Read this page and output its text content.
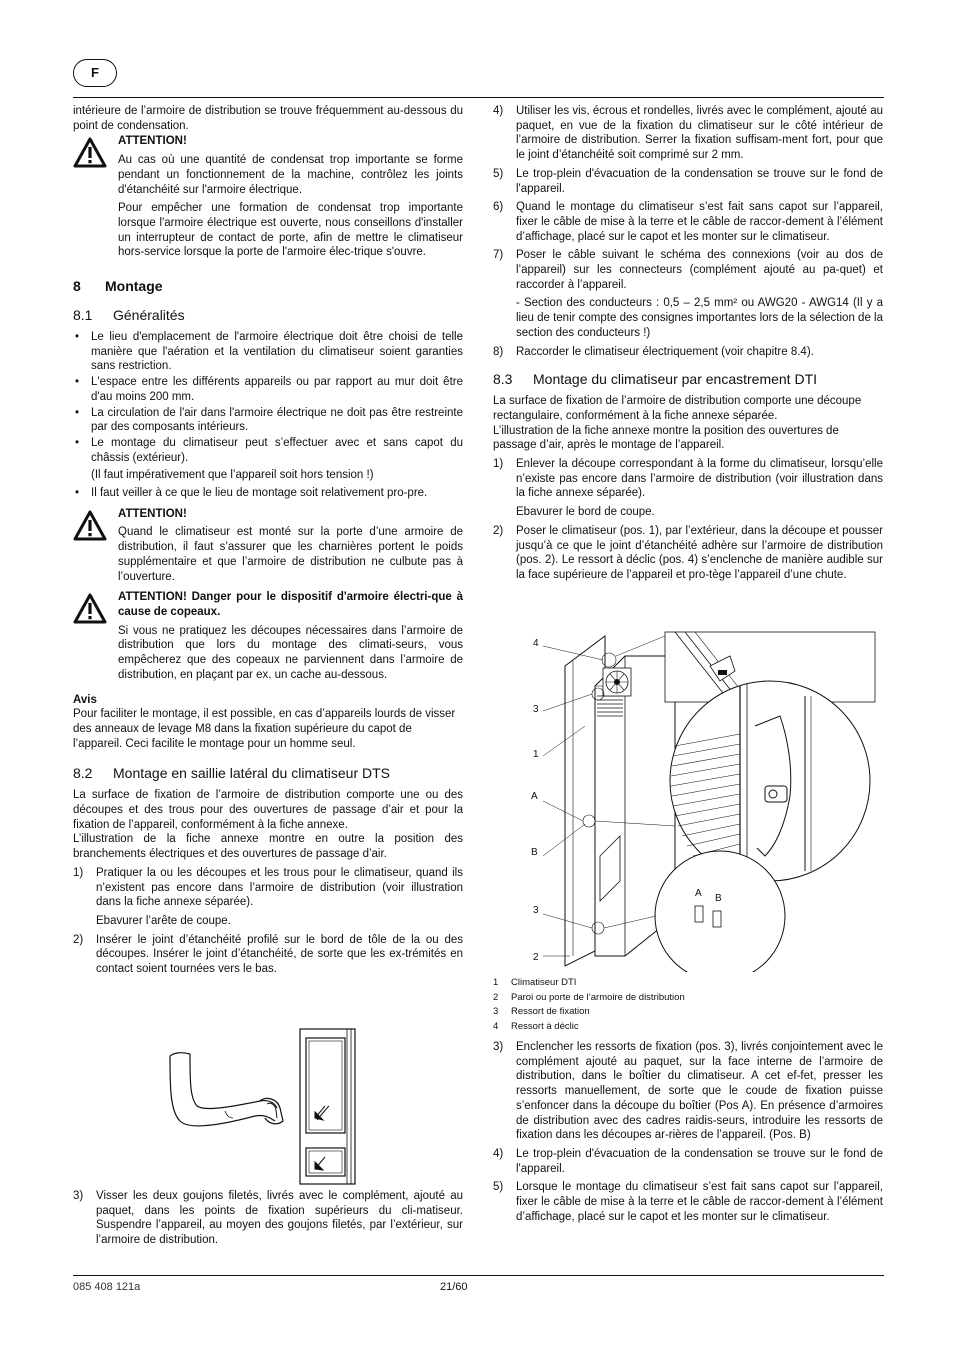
F

intérieure de l’armoire de distribution se trouve fréquemment au-dessous du point de condensation.

ATTENTION!

Au cas où une quantité de condensat trop importante se forme pendant un fonctionnement de la machine, contrôlez les joints d'étanchéité sur l'armoire électrique.

Pour empêcher une formation de condensat trop importante lorsque l'armoire électrique est ouverte, nous conseillons d'installer un interrupteur de contact de porte, afin de mettre le climatiseur hors-service lorsque la porte de l'armoire élec-trique s'ouvre.

8 Montage
8.1 Généralités
• Le lieu d'emplacement de l'armoire électrique doit être choisi de telle manière que l'aération et la ventilation du climatiseur soient garanties sans restriction.
• L'espace entre les différents appareils ou par rapport au mur doit être d'au moins 200 mm.
• La circulation de l'air dans l'armoire électrique ne doit pas être restreinte par des composants intérieurs.
• Le montage du climatiseur peut s’effectuer avec et sans capot du châssis (extérieur).

(Il faut impérativement que l’appareil soit hors tension !)

• Il faut veiller à ce que le lieu de montage soit relativement pro-pre.

ATTENTION!

Quand le climatiseur est monté sur la porte d’une armoire de distribution, il faut s’assurer que les charnières portent le poids supplémentaire et que l’armoire de distribution ne culbute pas à l’ouverture.

ATTENTION! Danger pour le dispositif d'armoire électri-que à cause de copeaux.

Si vous ne pratiquez les découpes nécessaires dans l’armoire de distribution que lors du montage des climati-seurs, vous empêcherez que des copeaux ne parviennent dans l’armoire de distribution, en plaçant par ex. un cache au-dessous.

Avis

Pour faciliter le montage, il est possible, en cas d’appareils lourds de visser des anneaux de levage M8 dans la fixation supérieure du capot de l’appareil. Ceci facilite le montage pour un homme seul.

8.2 Montage en saillie latéral du climatiseur DTS

La surface de fixation de l’armoire de distribution comporte une ou des découpes et des trous pour des ouvertures de passage d’air et pour la fixation de l’appareil, conformément à la fiche annexe.

L’illustration de la fiche annexe montre en outre la position des branchements électriques et des ouvertures de passage d’air.

1) Pratiquer la ou les découpes et les trous pour le climatiseur, quand ils n’existent pas encore dans l’armoire de distribution (voir illustration dans la fiche annexe séparée).

Ebavurer l’arête de coupe.

2) Insérer le joint d’étanchéité profilé sur le bord de tôle de la ou des découpes. Insérer le joint d’étanchéité, de sorte que les ex-trémités en contact soient tournées vers le bas.
3) Visser les deux goujons filetés, livrés avec le complément, ajouté au paquet, dans les points de fixation supérieurs du cli-matiseur. Suspendre l’appareil, au moyen des goujons filetés, par l’extérieur, sur l’armoire de distribution.
4) Utiliser les vis, écrous et rondelles, livrés avec le complément, ajouté au paquet, en vue de la fixation du climatiseur sur le côté intérieur de l’armoire de distribution. Serrer la fixation suffisam-ment fort, pour que le joint d’étanchéité soit comprimé sur 2 mm.
5) Le trop-plein d'évacuation de la condensation se trouve sur le fond de l'appareil.
6) Quand le montage du climatiseur s’est fait sans capot sur l’appareil, fixer le câble de mise à la terre et le câble de raccor-dement à l’élément d’affichage, placé sur le capot et les monter sur le climatiseur.
7) Poser le câble suivant le schéma des connexions (voir au dos de l’appareil) sur les connecteurs (complément ajouté au pa-quet) et raccorder à l’appareil.

- Section des conducteurs : 0,5 – 2,5 mm² ou AWG20 - AWG14 (Il y a lieu de tenir compte des consignes importantes lors de la sélection de la section des conducteurs !)

8) Raccorder le climatiseur électriquement (voir chapitre 8.4).
8.3 Montage du climatiseur par encastrement DTI

La surface de fixation de l’armoire de distribution comporte une découpe rectangulaire, conformément à la fiche annexe séparée.

L’illustration de la fiche annexe montre la position des ouvertures de passage d’air, après le montage de l’appareil.

1) Enlever la découpe correspondant à la forme du climatiseur, lorsqu’elle n’existe pas encore dans l’armoire de distribution (voir illustration dans la fiche annexe séparée).

Ebavurer le bord de coupe.

2) Poser le climatiseur (pos. 1), par l’extérieur, dans la découpe et pousser jusqu’à ce que le joint d’étanchéité adhère sur l’armoire de distribution (pos. 2). Le ressort à déclic (pos. 4) s’enclenche de manière audible sur la face supérieure de l’appareil et pro-tège l’appareil d’une chute.
1 Climatiseur DTI
2 Paroi ou porte de l’armoire de distribution
3 Ressort de fixation
4 Ressort à déclic
3) Enclencher les ressorts de fixation (pos. 3), livrés conjointement avec le complément ajouté au paquet, sur la face interne de l’armoire de distribution, dans le boîtier du climatiseur. A cet ef-fet, presser les ressorts manuellement, de sorte que le coude de fixation puisse s’enfoncer dans la découpe du boîtier (Pos A). En présence d’armoires de distribution avec des cadres raidis-seurs, introduire les ressorts de fixation dans les découpes ar-rières de l’appareil. (Pos. B)
4) Le trop-plein d'évacuation de la condensation se trouve sur le fond de l'appareil.
5) Lorsque le montage du climatiseur s’est fait sans capot sur l’appareil, fixer le câble de mise à la terre et le câble de raccor-dement à l’élément d’affichage, placé sur le capot et les monter sur le climatiseur.
4
3
1
A
B
3
2
A B
085 408 121a	21/60
